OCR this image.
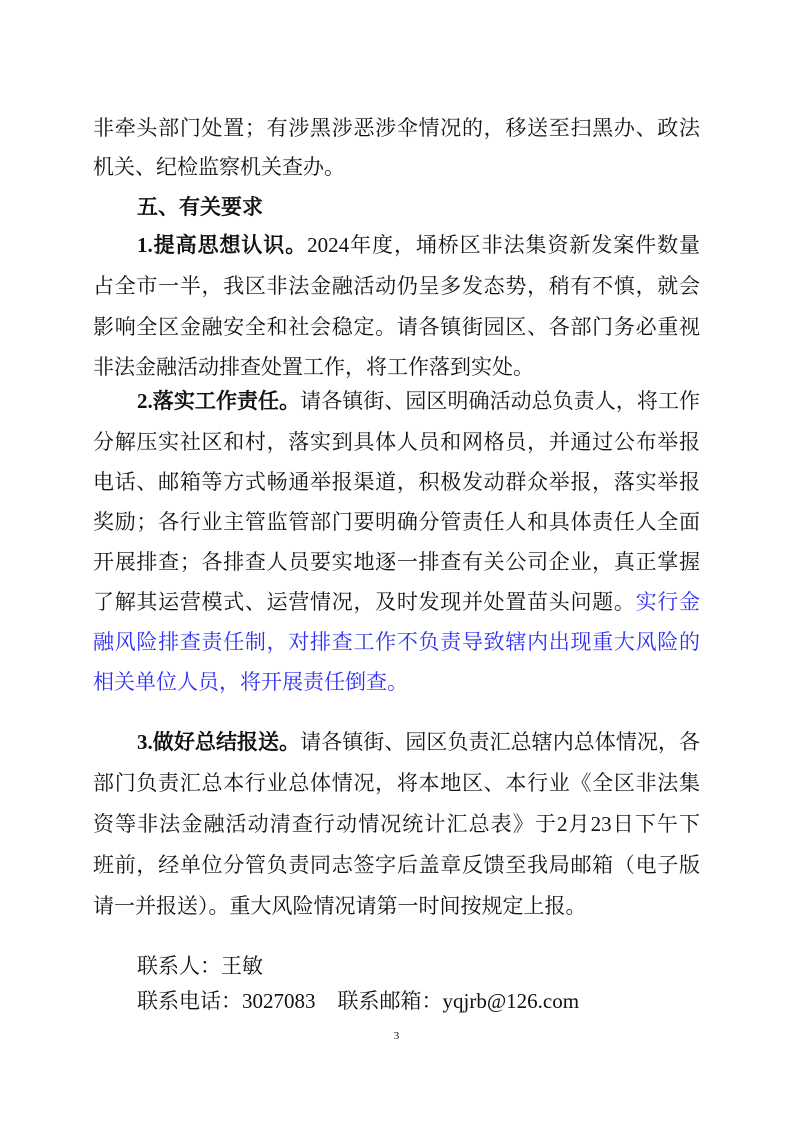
非牵头部门处置；有涉黑涉恶涉伞情况的，移送至扫黑办、政法
机关、纪检监察机关查办。
五、有关要求
1.提高思想认识。2024年度，埇桥区非法集资新发案件数量
占全市一半，我区非法金融活动仍呈多发态势，稍有不慎，就会
影响全区金融安全和社会稳定。请各镇街园区、各部门务必重视
非法金融活动排查处置工作，将工作落到实处。
2.落实工作责任。请各镇街、园区明确活动总负责人，将工作
分解压实社区和村，落实到具体人员和网格员，并通过公布举报
电话、邮箱等方式畅通举报渠道，积极发动群众举报，落实举报
奖励；各行业主管监管部门要明确分管责任人和具体责任人全面
开展排查；各排查人员要实地逐一排查有关公司企业，真正掌握
了解其运营模式、运营情况，及时发现并处置苗头问题。实行金
融风险排查责任制，对排查工作不负责导致辖内出现重大风险的
相关单位人员，将开展责任倒查。
3.做好总结报送。请各镇街、园区负责汇总辖内总体情况，各
部门负责汇总本行业总体情况，将本地区、本行业《全区非法集
资等非法金融活动清查行动情况统计汇总表》于2月23日下午下
班前，经单位分管负责同志签字后盖章反馈至我局邮箱（电子版
请一并报送）。重大风险情况请第一时间按规定上报。
联系人：王敏
联系电话：3027083 联系邮箱：yqjrb@126.com
3
